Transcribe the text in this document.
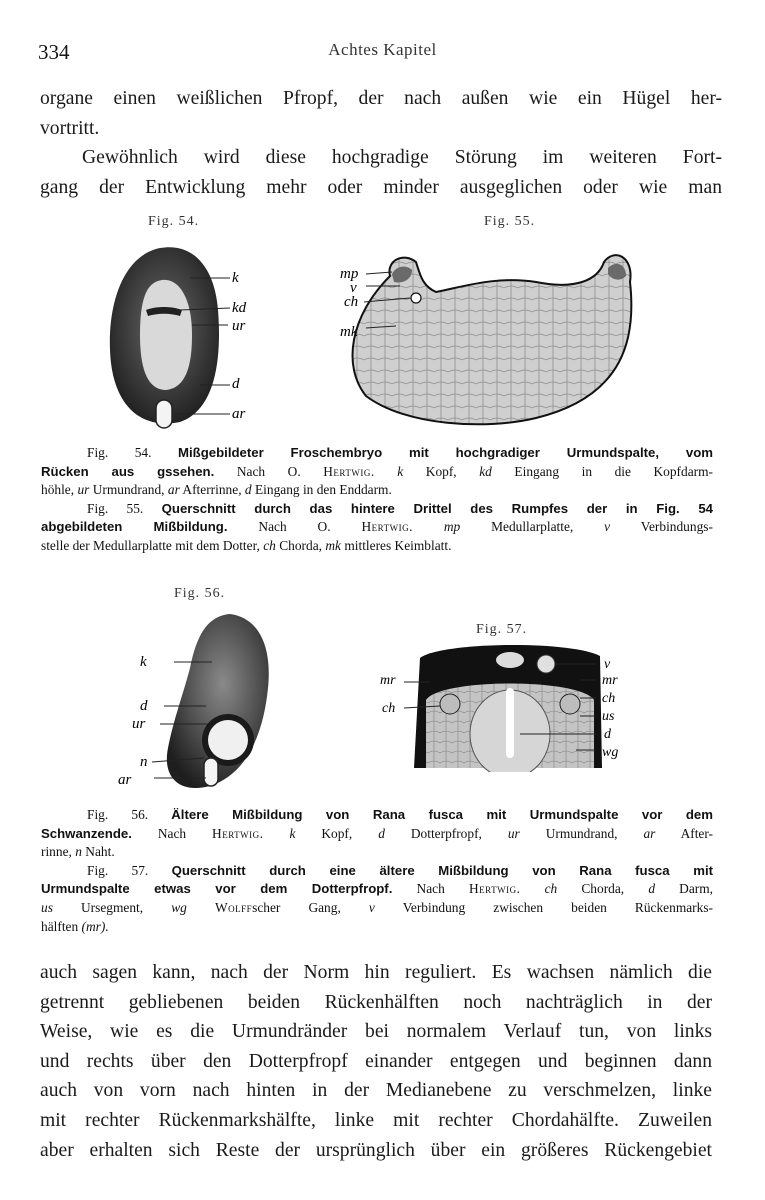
334	Achtes Kapitel
organe einen weißlichen Pfropf, der nach außen wie ein Hügel her-
vortritt.
Gewöhnlich wird diese hochgradige Störung im weiteren Fort-
gang der Entwicklung mehr oder minder ausgeglichen oder wie man
Fig. 54.	Fig. 55.
k
kd
ur
d
ar
mp
v
ch
mk
Fig. 54. Mißgebildeter Froschembryo mit hochgradiger Urmundspalte, vom
Rücken aus gssehen. Nach O. Hertwig. k Kopf, kd Eingang in die Kopfdarm-
höhle, ur Urmundrand, ar Afterrinne, d Eingang in den Enddarm.
Fig. 55. Querschnitt durch das hintere Drittel des Rumpfes der in Fig. 54
abgebildeten Mißbildung. Nach O. Hertwig. mp Medullarplatte, v Verbindungs-
stelle der Medullarplatte mit dem Dotter, ch Chorda, mk mittleres Keimblatt.
Fig. 56.
Fig. 57.
k
d
ur
n
ar
mr
ch
v
mr
ch
us
d
wg
Fig. 56. Ältere Mißbildung von Rana fusca mit Urmundspalte vor dem
Schwanzende. Nach Hertwig. k Kopf, d Dotterpfropf, ur Urmundrand, ar After-
rinne, n Naht.
Fig. 57. Querschnitt durch eine ältere Mißbildung von Rana fusca mit
Urmundspalte etwas vor dem Dotterpfropf. Nach Hertwig. ch Chorda, d Darm,
us Ursegment, wg Wolffscher Gang, v Verbindung zwischen beiden Rückenmarks-
hälften (mr).
auch sagen kann, nach der Norm hin reguliert. Es wachsen nämlich die
getrennt gebliebenen beiden Rückenhälften noch nachträglich in der
Weise, wie es die Urmundränder bei normalem Verlauf tun, von links
und rechts über den Dotterpfropf einander entgegen und beginnen dann
auch von vorn nach hinten in der Medianebene zu verschmelzen, linke
mit rechter Rückenmarkshälfte, linke mit rechter Chordahälfte. Zuweilen
aber erhalten sich Reste der ursprünglich über ein größeres Rückengebiet
